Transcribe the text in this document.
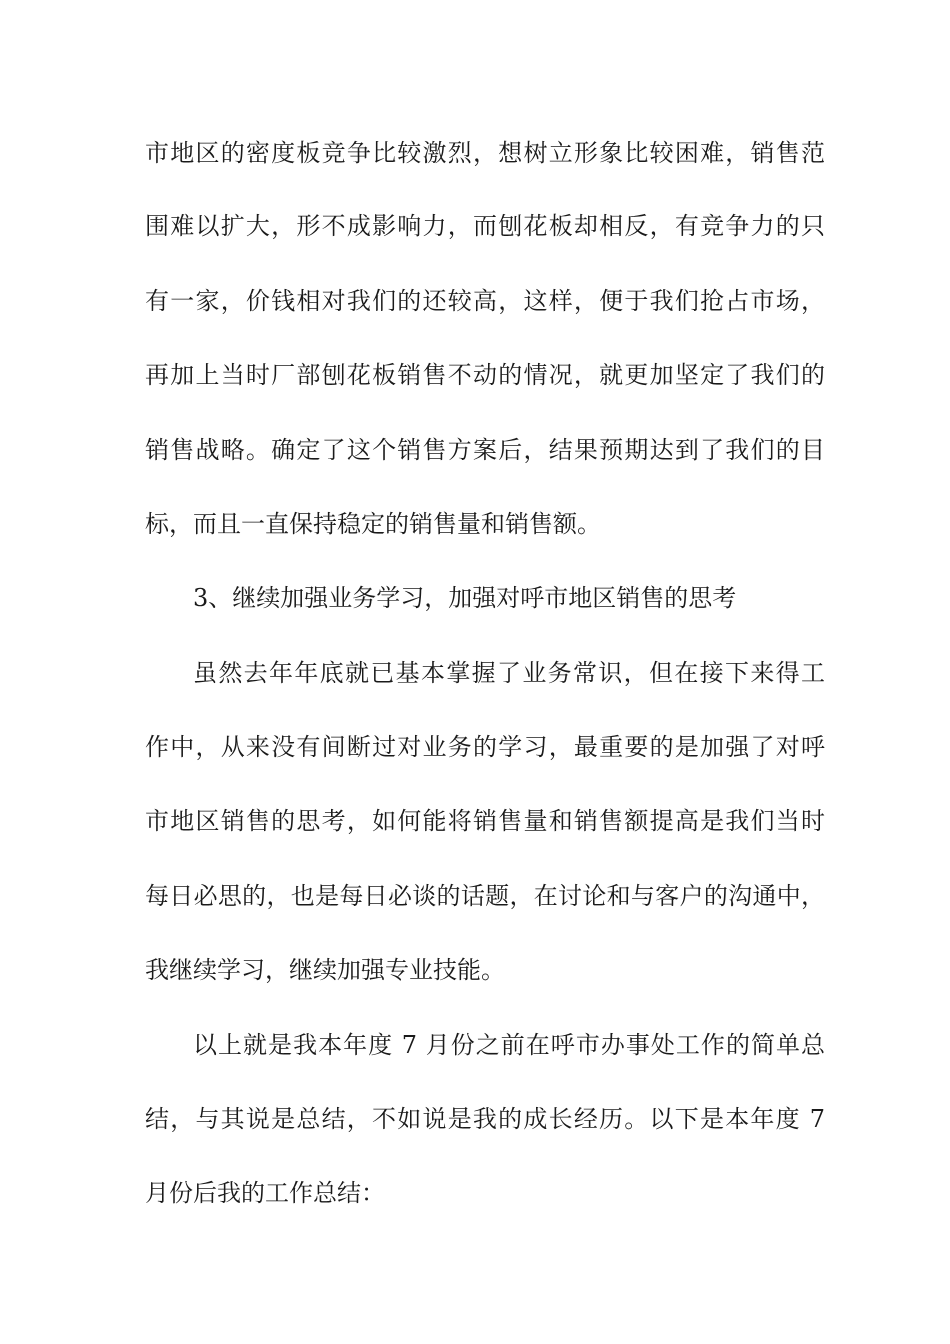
市地区的密度板竞争比较激烈，想树立形象比较困难，销售范
围难以扩大，形不成影响力，而刨花板却相反，有竞争力的只
有一家，价钱相对我们的还较高，这样，便于我们抢占市场，
再加上当时厂部刨花板销售不动的情况，就更加坚定了我们的
销售战略。确定了这个销售方案后，结果预期达到了我们的目
标，而且一直保持稳定的销售量和销售额。
3、继续加强业务学习，加强对呼市地区销售的思考
虽然去年年底就已基本掌握了业务常识，但在接下来得工
作中，从来没有间断过对业务的学习，最重要的是加强了对呼
市地区销售的思考，如何能将销售量和销售额提高是我们当时
每日必思的，也是每日必谈的话题，在讨论和与客户的沟通中，
我继续学习，继续加强专业技能。
以上就是我本年度 7 月份之前在呼市办事处工作的简单总
结，与其说是总结，不如说是我的成长经历。以下是本年度 7
月份后我的工作总结：
